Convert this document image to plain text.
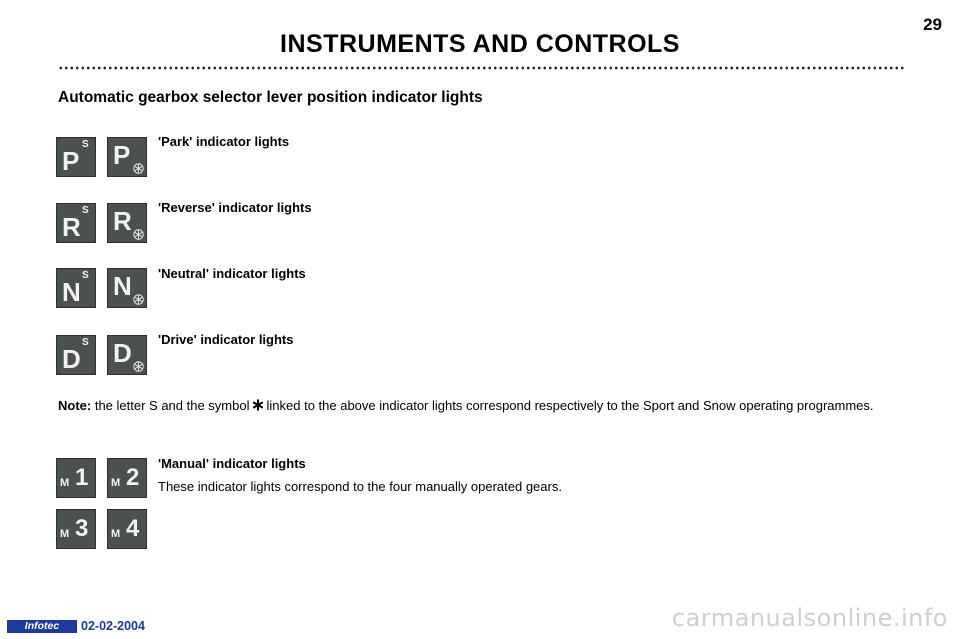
29
INSTRUMENTS AND CONTROLS
Automatic gearbox selector lever position indicator lights
P
S P 'Park' indicator lights
R
S R 'Reverse' indicator lights
N
S N 'Neutral' indicator lights
D
S D 'Drive' indicator lights
Note: the letter S and the symbol linked to the above indicator lights correspond respectively to the Sport and Snow operating programmes.
M 1 M 2
M 3 M 4
'Manual' indicator lights
These indicator lights correspond to the four manually operated gears.
Infotec	02-02-2004	carmanualsonline.info
